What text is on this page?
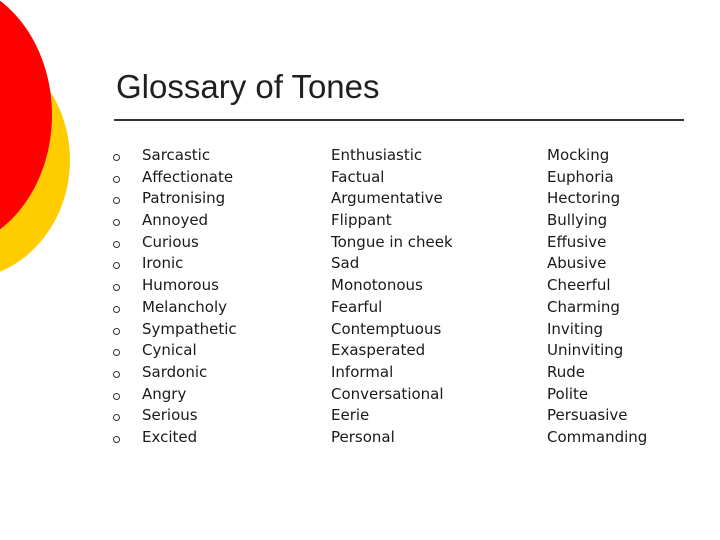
Glossary of Tones
Sarcastic
Affectionate
Patronising
Annoyed
Curious
Ironic
Humorous
Melancholy
Sympathetic
Cynical
Sardonic
Angry
Serious
Excited
Enthusiastic
Factual
Argumentative
Flippant
Tongue in cheek
Sad
Monotonous
Fearful
Contemptuous
Exasperated
Informal
Conversational
Eerie
Personal
Mocking
Euphoria
Hectoring
Bullying
Effusive
Abusive
Cheerful
Charming
Inviting
Uninviting
Rude
Polite
Persuasive
Commanding
